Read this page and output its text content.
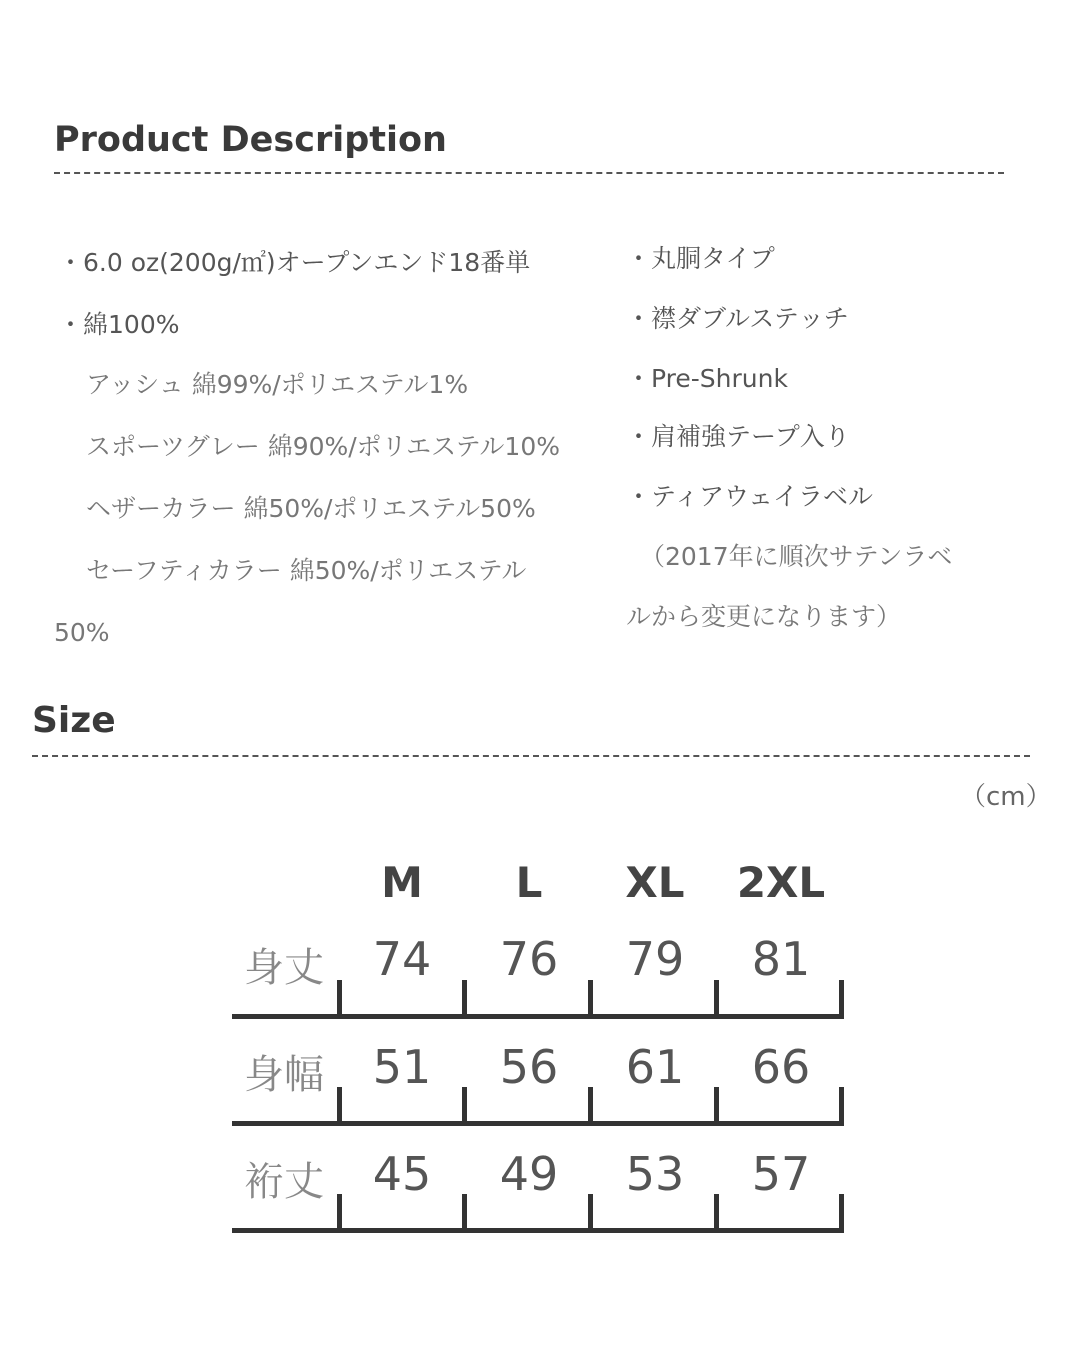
Product Description
・ 6.0 oz(200g/㎡)オープンエンド18番単
・ 綿100%
アッシュ 綿99%/ポリエステル1%
スポーツグレー 綿90%/ポリエステル10%
ヘザーカラー 綿50%/ポリエステル50%
セーフティカラー 綿50%/ポリエステル
50%
・ 丸胴タイプ
・ 襟ダブルステッチ
・ Pre-Shrunk
・ 肩補強テープ入り
・ ティアウェイラベル
（2017年に順次サテンラベ
ルから変更になります）
Size
（cm）
M	L	XL	2XL
身丈	74	76	79	81
身幅	51	56	61	66
裄丈	45	49	53	57
